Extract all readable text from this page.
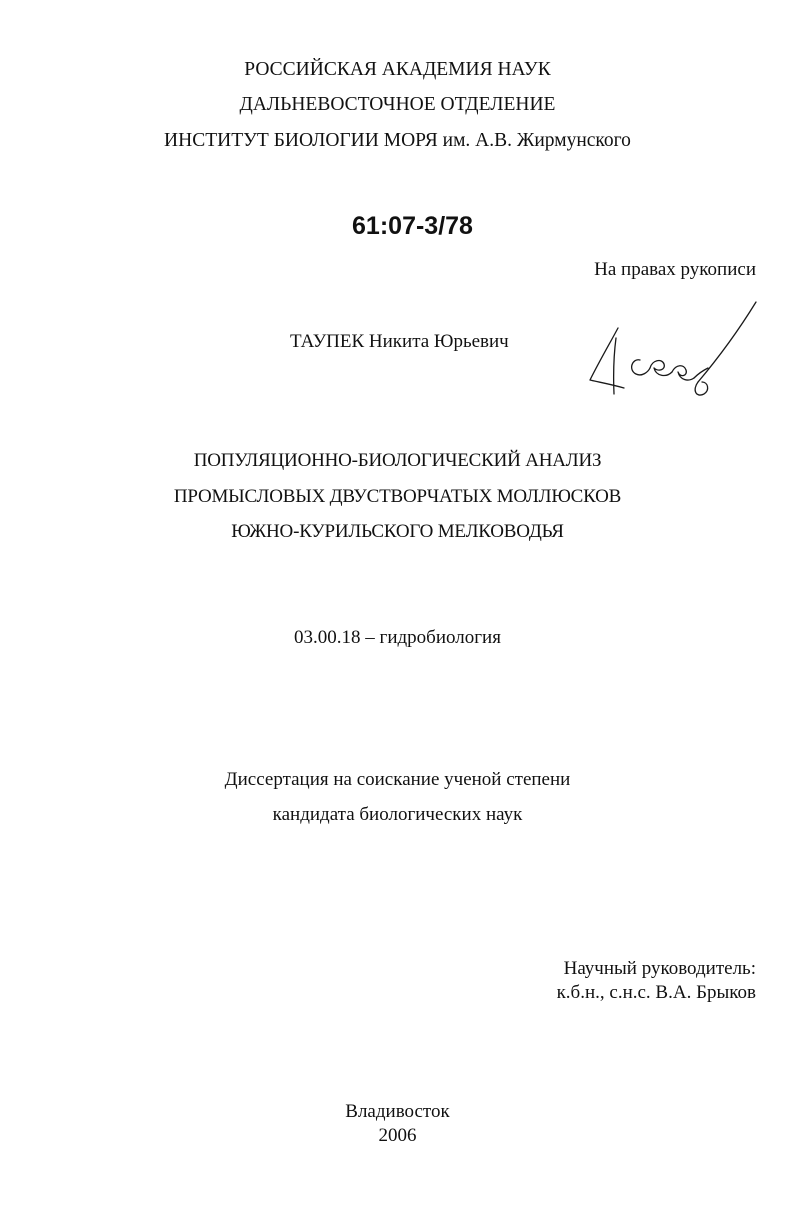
РОССИЙСКАЯ АКАДЕМИЯ НАУК
ДАЛЬНЕВОСТОЧНОЕ ОТДЕЛЕНИЕ
ИНСТИТУТ БИОЛОГИИ МОРЯ им. А.В. Жирмунского
61:07-3/78
На правах рукописи
ТАУПЕК Никита Юрьевич
ПОПУЛЯЦИОННО-БИОЛОГИЧЕСКИЙ АНАЛИЗ
ПРОМЫСЛОВЫХ ДВУСТВОРЧАТЫХ МОЛЛЮСКОВ
ЮЖНО-КУРИЛЬСКОГО МЕЛКОВОДЬЯ
03.00.18 – гидробиология
Диссертация на соискание ученой степени
кандидата биологических наук
Научный руководитель:
к.б.н., с.н.с. В.А. Брыков
Владивосток
2006
